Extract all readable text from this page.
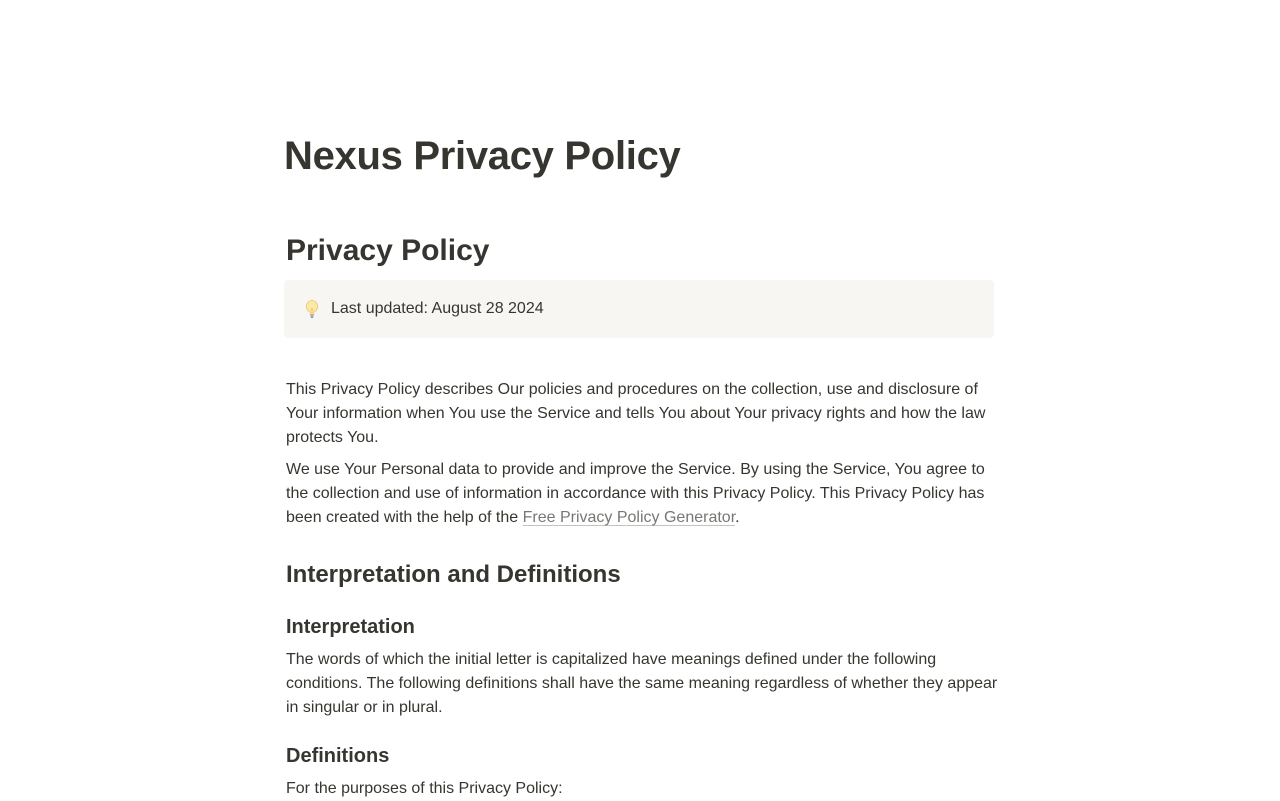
Nexus Privacy Policy
Privacy Policy
Last updated: August 28 2024

This Privacy Policy describes Our policies and procedures on the collection, use and disclosure of Your information when You use the Service and tells You about Your privacy rights and how the law protects You.

We use Your Personal data to provide and improve the Service. By using the Service, You agree to the collection and use of information in accordance with this Privacy Policy. This Privacy Policy has been created with the help of the Free Privacy Policy Generator.

Interpretation and Definitions
Interpretation

The words of which the initial letter is capitalized have meanings defined under the following conditions. The following definitions shall have the same meaning regardless of whether they appear in singular or in plural.

Definitions

For the purposes of this Privacy Policy:
